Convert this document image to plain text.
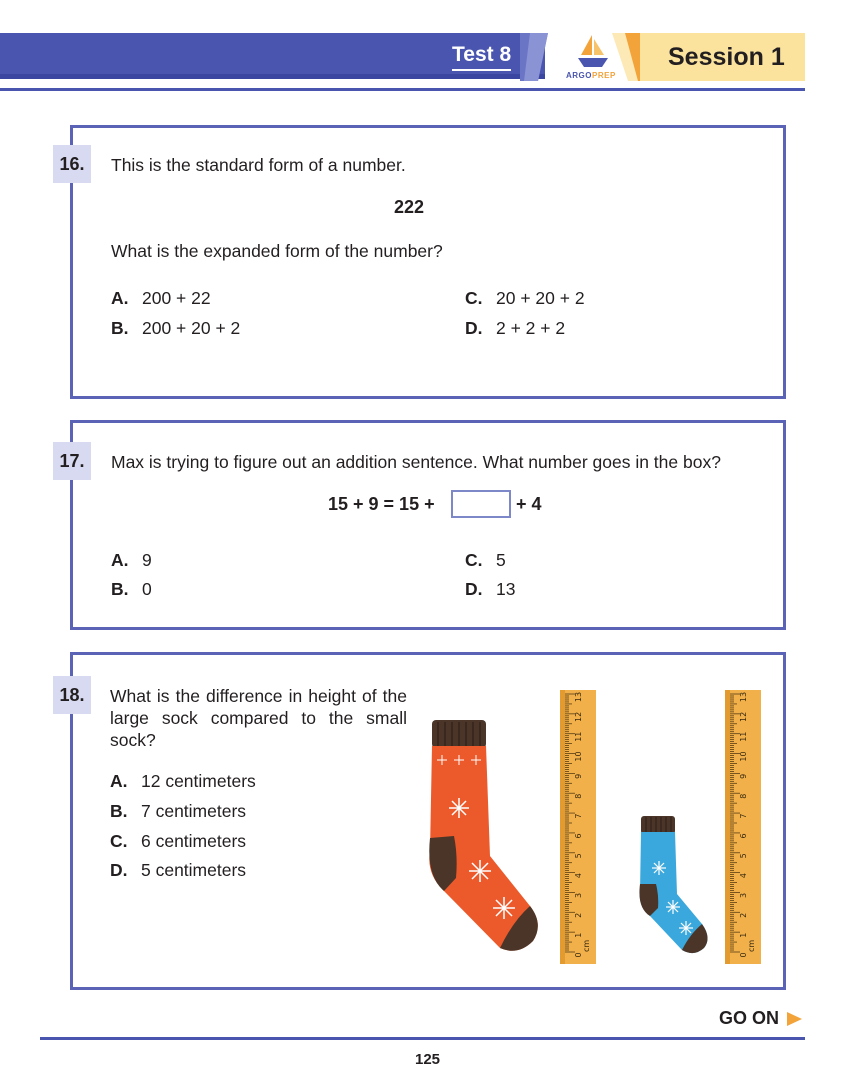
Test 8
ARGOPREP
Session 1
16.	This is the standard form of a number.
222
What is the expanded form of the number?
A. 200 + 22
B. 200 + 20 + 2
C. 20 + 20 + 2
D. 2 + 2 + 2
17.	Max is trying to figure out an addition sentence. What number goes in the box?
15 + 9 = 15 +	+ 4
A. 9
B. 0
C. 5
D. 13
18.	What is the difference in height of the large sock compared to the small sock?
A. 12 centimeters
B. 7 centimeters
C. 6 centimeters
D. 5 centimeters
0
1
2
3
4
5
6
7
8
9
10
11
12
13
cm
0
1
2
3
4
5
6
7
8
9
10
11
12
13
cm
GO ON
125
